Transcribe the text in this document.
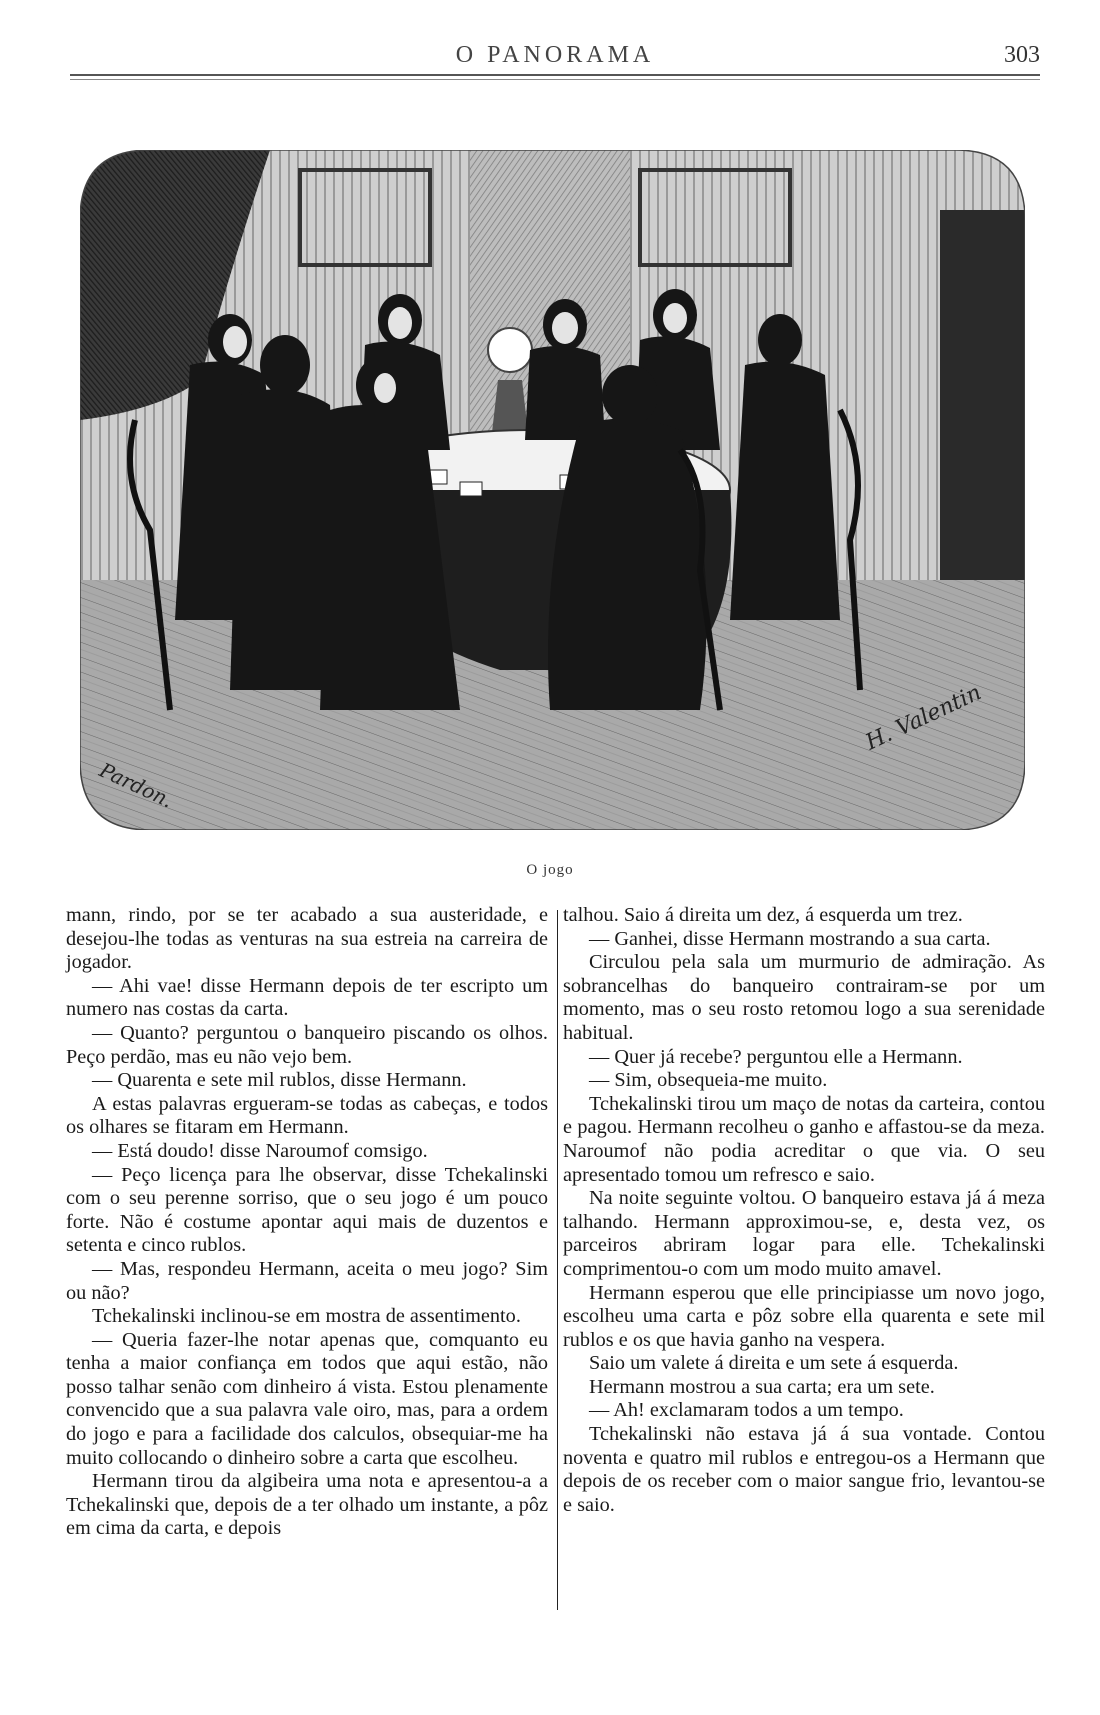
O PANORAMA	303
Pardon.
H. Valentin
O jogo

mann, rindo, por se ter acabado a sua austeridade, e desejou-lhe todas as venturas na sua estreia na carreira de jogador.

— Ahi vae! disse Hermann depois de ter escripto um numero nas costas da carta.

— Quanto? perguntou o banqueiro piscando os olhos. Peço perdão, mas eu não vejo bem.

— Quarenta e sete mil rublos, disse Hermann.

A estas palavras ergueram-se todas as cabeças, e todos os olhares se fitaram em Hermann.

— Está doudo! disse Naroumof comsigo.

— Peço licença para lhe observar, disse Tchekalinski com o seu perenne sorriso, que o seu jogo é um pouco forte. Não é costume apontar aqui mais de duzentos e setenta e cinco rublos.

— Mas, respondeu Hermann, aceita o meu jogo? Sim ou não?

Tchekalinski inclinou-se em mostra de assentimento.

— Queria fazer-lhe notar apenas que, comquanto eu tenha a maior confiança em todos que aqui estão, não posso talhar senão com dinheiro á vista. Estou plenamente convencido que a sua palavra vale oiro, mas, para a ordem do jogo e para a facilidade dos calculos, obsequiar-me ha muito collocando o dinheiro sobre a carta que escolheu.

Hermann tirou da algibeira uma nota e apresentou-a a Tchekalinski que, depois de a ter olhado um instante, a pôz em cima da carta, e depois

talhou. Saio á direita um dez, á esquerda um trez.

— Ganhei, disse Hermann mostrando a sua carta.

Circulou pela sala um murmurio de admiração. As sobrancelhas do banqueiro contrairam-se por um momento, mas o seu rosto retomou logo a sua serenidade habitual.

— Quer já recebe? perguntou elle a Hermann.

— Sim, obsequeia-me muito.

Tchekalinski tirou um maço de notas da carteira, contou e pagou. Hermann recolheu o ganho e affastou-se da meza. Naroumof não podia acreditar o que via. O seu apresentado tomou um refresco e saio.

Na noite seguinte voltou. O banqueiro estava já á meza talhando. Hermann approximou-se, e, desta vez, os parceiros abriram logar para elle. Tchekalinski comprimentou-o com um modo muito amavel.

Hermann esperou que elle principiasse um novo jogo, escolheu uma carta e pôz sobre ella quarenta e sete mil rublos e os que havia ganho na vespera.

Saio um valete á direita e um sete á esquerda.

Hermann mostrou a sua carta; era um sete.

— Ah! exclamaram todos a um tempo.

Tchekalinski não estava já á sua vontade. Contou noventa e quatro mil rublos e entregou-os a Hermann que depois de os receber com o maior sangue frio, levantou-se e saio.
